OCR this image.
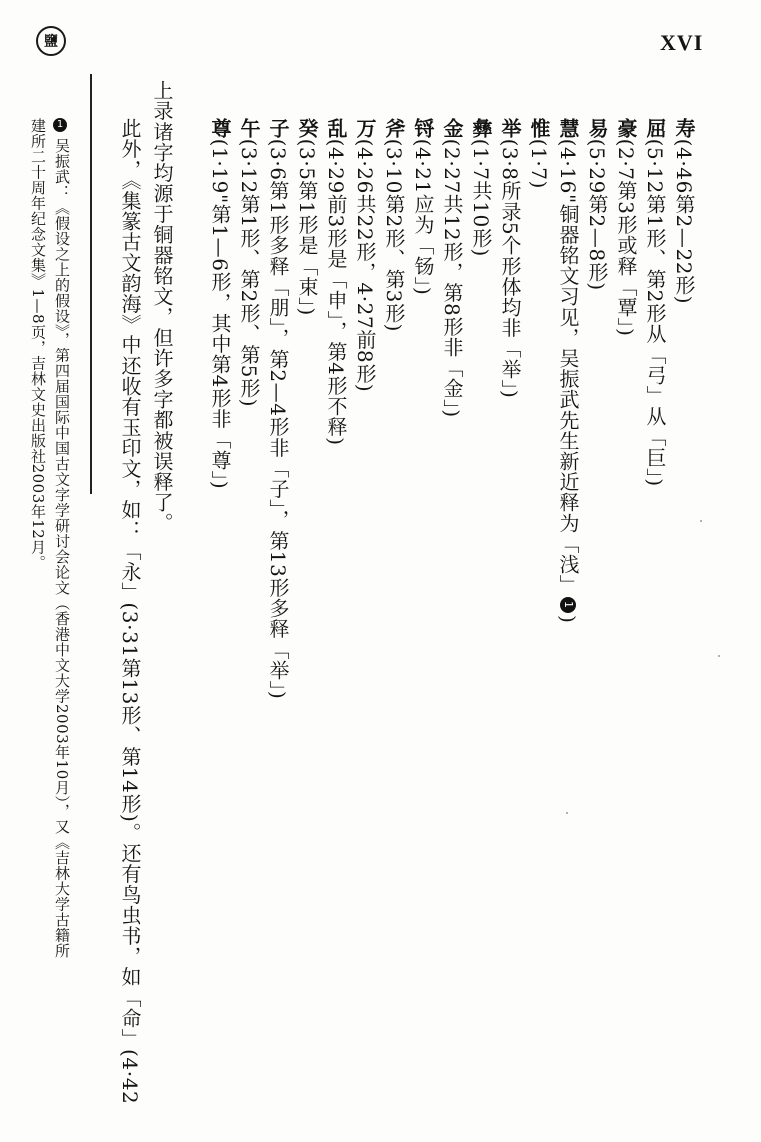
鹽	XVI
寿(4·46第2—22形)
屈(5·12第1形、第2形从「弓」从「巨」)
豪(2·7第3形或释「覃」)
易(5·29第2—8形)
慧(4·16"铜器铭文习见，吴振武先生新近释为「浅」1)
惟(1·7)
举(3·8所录5个形体均非「举」)
彝(1·7共10形)
金(2·27共12形，第8形非「金」)
锊(4·21应为「钖」)
斧(3·10第2形、第3形)
万(4·26共22形，4·27前8形)
乱(4·29前3形是「申」，第4形不释)
癸(3·5第1形是「束」)
子(3·6第1形多释「朋」，第2—4形非「子」，第13形多释「举」)
午(3·12第1形、第2形、第5形)
尊(1·19"第1—6形，其中第4形非「尊」)
上录诸字均源于铜器铭文，但许多字都被误释了。
此外，《集篆古文韵海》中还收有玉印文，如：「永」(3·31第13形、第14形)。还有鸟虫书，如「命」(4·42
1
吴振武：《假设之上的假设》，第四届国际中国古文字学研讨会论文（香港中文大学2003年10月），又《吉林大学古籍所
建所二十周年纪念文集》1—8页，吉林文史出版社2003年12月。
